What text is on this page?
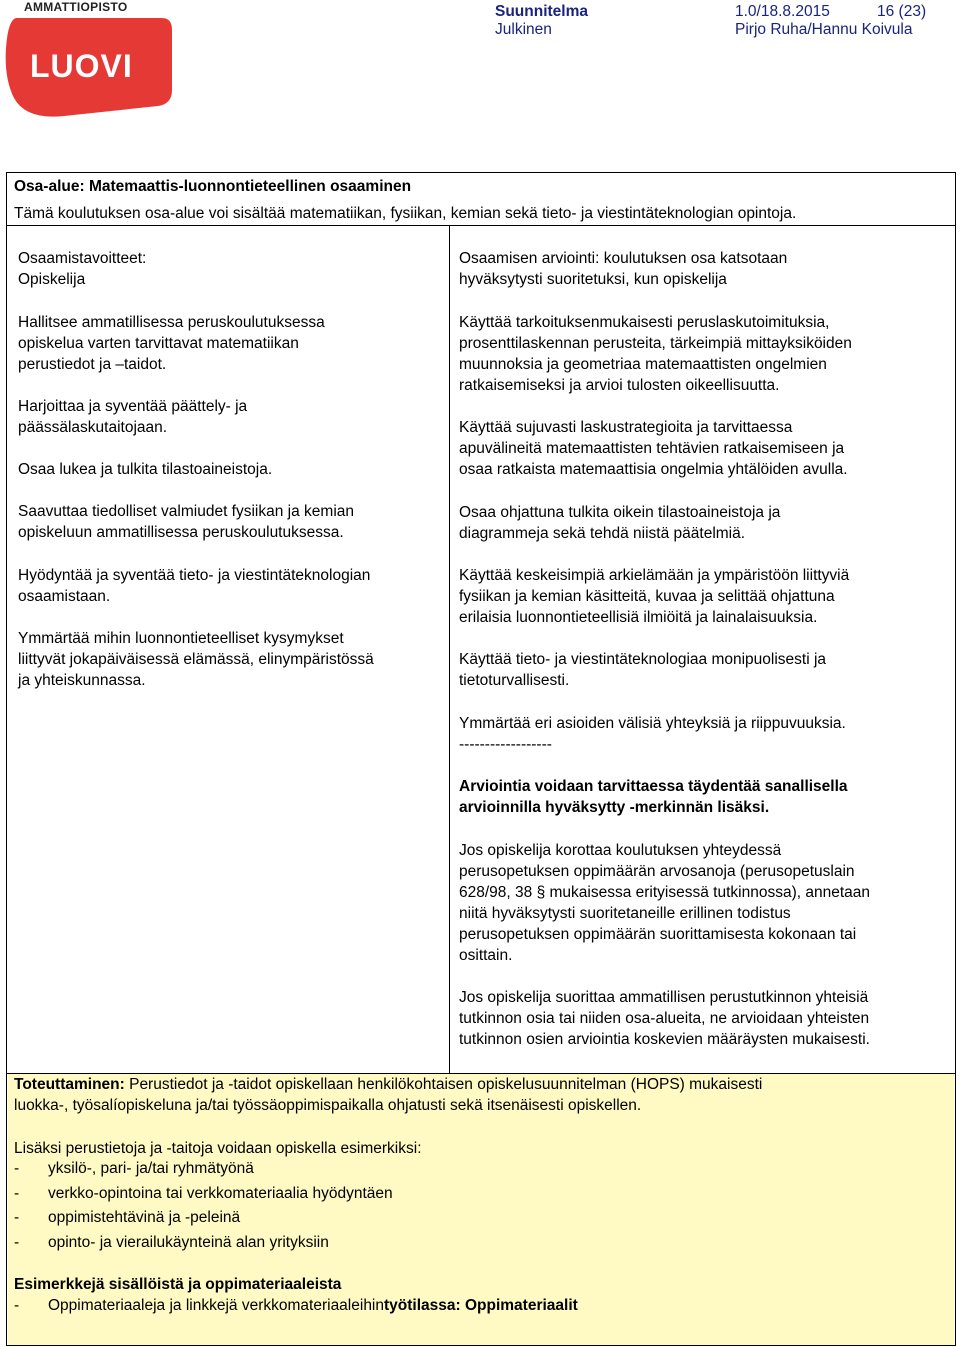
AMMATTIOPISTO
LUOVI
Suunnitelma	1.0/18.8.2015	16 (23)
Julkinen	Pirjo Ruha/Hannu Koivula
Osa-alue: Matemaattis-luonnontieteellinen osaaminen
Tämä koulutuksen osa-alue voi sisältää matematiikan, fysiikan, kemian sekä tieto- ja viestintäteknologian opintoja.
Osaamistavoitteet:
Opiskelija
Hallitsee ammatillisessa peruskoulutuksessa
opiskelua varten tarvittavat matematiikan
perustiedot ja –taidot.
Harjoittaa ja syventää päättely- ja
päässälaskutaitojaan.
Osaa lukea ja tulkita tilastoaineistoja.
Saavuttaa tiedolliset valmiudet fysiikan ja kemian
opiskeluun ammatillisessa peruskoulutuksessa.
Hyödyntää ja syventää tieto- ja viestintäteknologian
osaamistaan.
Ymmärtää mihin luonnontieteelliset kysymykset
liittyvät jokapäiväisessä elämässä, elinympäristössä
ja yhteiskunnassa.
Osaamisen arviointi: koulutuksen osa katsotaan
hyväksytysti suoritetuksi, kun opiskelija
Käyttää tarkoituksenmukaisesti peruslaskutoimituksia,
prosenttilaskennan perusteita, tärkeimpiä mittayksiköiden
muunnoksia ja geometriaa matemaattisten ongelmien
ratkaisemiseksi ja arvioi tulosten oikeellisuutta.
Käyttää sujuvasti laskustrategioita ja tarvittaessa
apuvälineitä matemaattisten tehtävien ratkaisemiseen ja
osaa ratkaista matemaattisia ongelmia yhtälöiden avulla.
Osaa ohjattuna tulkita oikein tilastoaineistoja ja
diagrammeja sekä tehdä niistä päätelmiä.
Käyttää keskeisimpiä arkielämään ja ympäristöön liittyviä
fysiikan ja kemian käsitteitä, kuvaa ja selittää ohjattuna
erilaisia luonnontieteellisiä ilmiöitä ja lainalaisuuksia.
Käyttää tieto- ja viestintäteknologiaa monipuolisesti ja
tietoturvallisesti.
Ymmärtää eri asioiden välisiä yhteyksiä ja riippuvuuksia.
------------------
Arviointia voidaan tarvittaessa täydentää sanallisella
arvioinnilla hyväksytty -merkinnän lisäksi.
Jos opiskelija korottaa koulutuksen yhteydessä
perusopetuksen oppimäärän arvosanoja (perusopetuslain
628/98, 38 § mukaisessa erityisessä tutkinnossa), annetaan
niitä hyväksytysti suoritetaneille erillinen todistus
perusopetuksen oppimäärän suorittamisesta kokonaan tai
osittain.
Jos opiskelija suorittaa ammatillisen perustutkinnon yhteisiä
tutkinnon osia tai niiden osa-alueita, ne arvioidaan yhteisten
tutkinnon osien arviointia koskevien määräysten mukaisesti.
Toteuttaminen: Perustiedot ja -taidot opiskellaan henkilökohtaisen opiskelusuunnitelman (HOPS) mukaisesti
luokka-, työsalíopiskeluna ja/tai työssäoppimispaikalla ohjatusti sekä itsenäisesti opiskellen.
Lisäksi perustietoja ja -taitoja voidaan opiskella esimerkiksi:
-	yksilö-, pari- ja/tai ryhmätyönä
-	verkko-opintoina tai verkkomateriaalia hyödyntäen
-	oppimistehtävinä ja -peleinä
-	opinto- ja vierailukäynteinä alan yrityksiin
Esimerkkejä sisällöistä ja oppimateriaaleista
-	Oppimateriaaleja ja linkkejä verkkomateriaaleihin työtilassa: Oppimateriaalit
